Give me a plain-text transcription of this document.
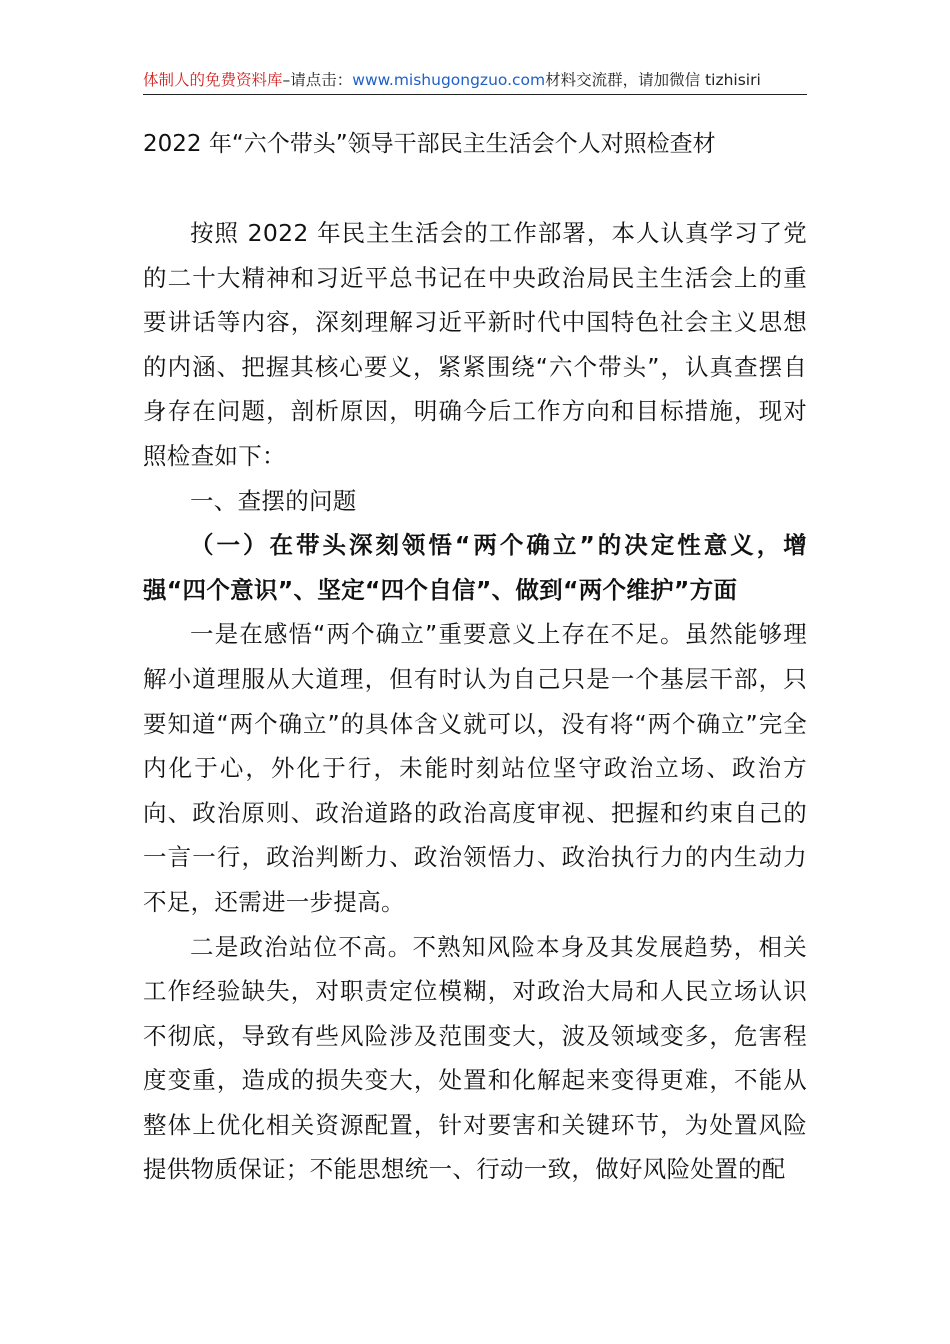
体制人的免费资料库–请点击：www.mishugongzuo.com材料交流群，请加微信 tizhisiri
2022 年“六个带头”领导干部民主生活会个人对照检查材

按照 2022 年民主生活会的工作部署，本人认真学习了党的二十大精神和习近平总书记在中央政治局民主生活会上的重要讲话等内容，深刻理解习近平新时代中国特色社会主义思想的内涵、把握其核心要义，紧紧围绕“六个带头”，认真查摆自身存在问题，剖析原因，明确今后工作方向和目标措施，现对照检查如下：

一、查摆的问题

（一）在带头深刻领悟“两个确立”的决定性意义，增强“四个意识”、坚定“四个自信”、做到“两个维护”方面

一是在感悟“两个确立”重要意义上存在不足。虽然能够理解小道理服从大道理，但有时认为自己只是一个基层干部，只要知道“两个确立”的具体含义就可以，没有将“两个确立”完全内化于心，外化于行，未能时刻站位坚守政治立场、政治方向、政治原则、政治道路的政治高度审视、把握和约束自己的一言一行，政治判断力、政治领悟力、政治执行力的内生动力不足，还需进一步提高。

二是政治站位不高。不熟知风险本身及其发展趋势，相关工作经验缺失，对职责定位模糊，对政治大局和人民立场认识不彻底，导致有些风险涉及范围变大，波及领域变多，危害程度变重，造成的损失变大，处置和化解起来变得更难，不能从整体上优化相关资源配置，针对要害和关键环节，为处置风险提供物质保证；不能思想统一、行动一致，做好风险处置的配
